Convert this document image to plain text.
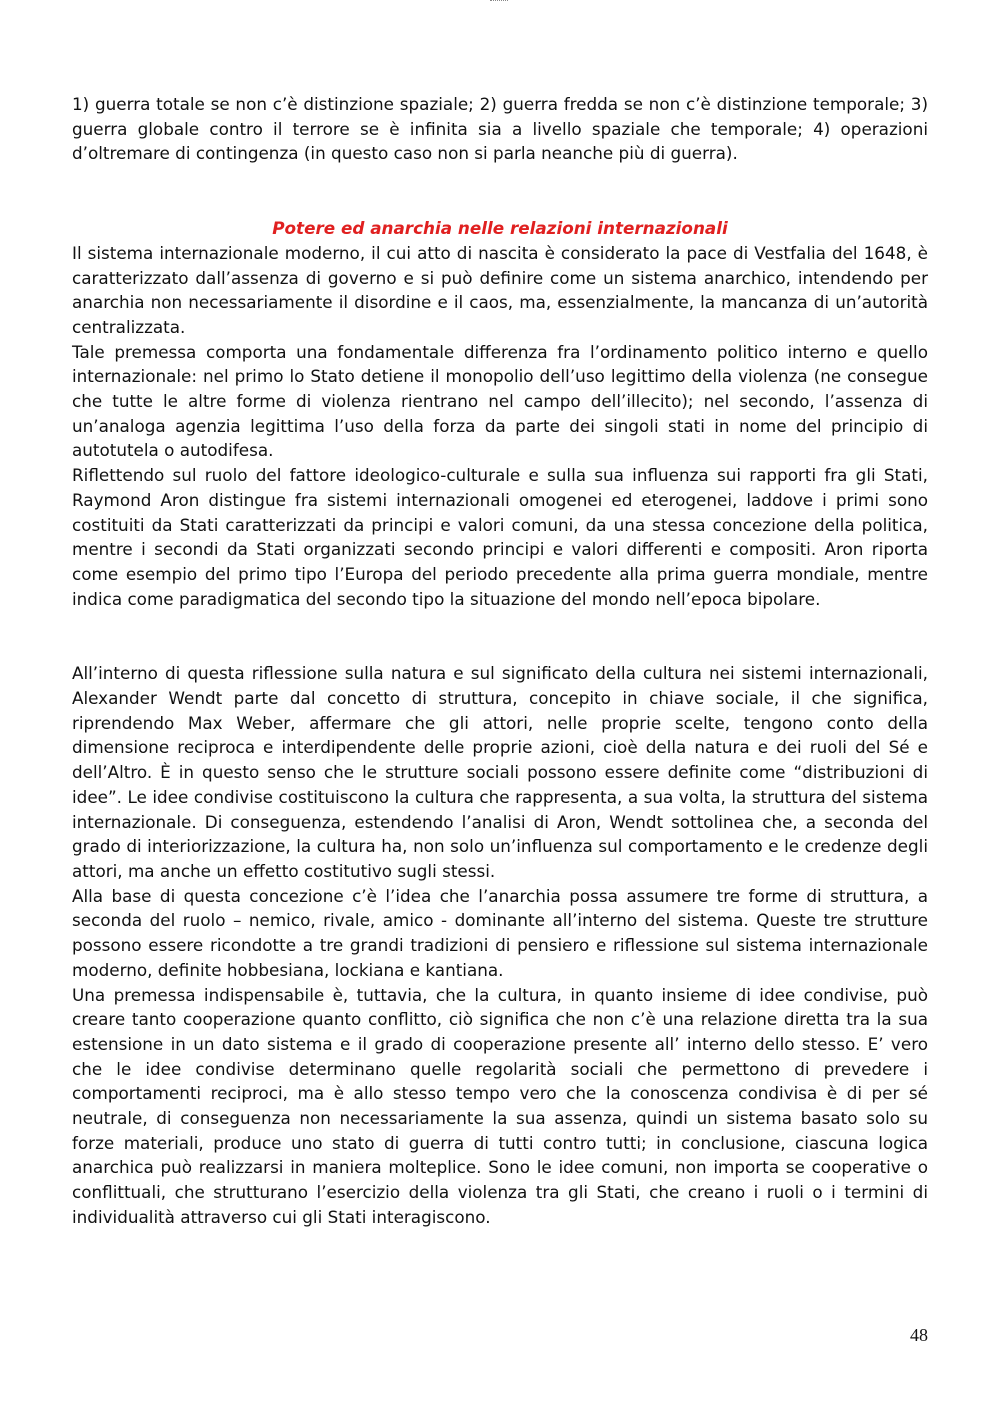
1) guerra totale se non c’è distinzione spaziale; 2) guerra fredda se non c’è distinzione temporale; 3) guerra globale contro il terrore se è infinita sia a livello spaziale che temporale; 4) operazioni d’oltremare di contingenza (in questo caso non si parla neanche più di guerra).

Potere ed anarchia nelle relazioni internazionali

Il sistema internazionale moderno, il cui atto di nascita è considerato la pace di Vestfalia del 1648, è caratterizzato dall’assenza di governo e si può definire come un sistema anarchico, intendendo per anarchia non necessariamente il disordine e il caos, ma, essenzialmente, la mancanza di un’autorità centralizzata.

Tale premessa comporta una fondamentale differenza fra l’ordinamento politico interno e quello internazionale: nel primo lo Stato detiene il monopolio dell’uso legittimo della violenza (ne consegue che tutte le altre forme di violenza rientrano nel campo dell’illecito); nel secondo, l’assenza di un’analoga agenzia legittima l’uso della forza da parte dei singoli stati in nome del principio di autotutela o autodifesa.

Riflettendo sul ruolo del fattore ideologico-culturale e sulla sua influenza sui rapporti fra gli Stati, Raymond Aron distingue fra sistemi internazionali omogenei ed eterogenei, laddove i primi sono costituiti da Stati caratterizzati da principi e valori comuni, da una stessa concezione della politica, mentre i secondi da Stati organizzati secondo principi e valori differenti e compositi. Aron riporta come esempio del primo tipo l’Europa del periodo precedente alla prima guerra mondiale, mentre indica come paradigmatica del secondo tipo la situazione del mondo nell’epoca bipolare.

All’interno di questa riflessione sulla natura e sul significato della cultura nei sistemi internazionali, Alexander Wendt parte dal concetto di struttura, concepito in chiave sociale, il che significa, riprendendo Max Weber, affermare che gli attori, nelle proprie scelte, tengono conto della dimensione reciproca e interdipendente delle proprie azioni, cioè della natura e dei ruoli del Sé e dell’Altro. È in questo senso che le strutture sociali possono essere definite come “distribuzioni di idee”. Le idee condivise costituiscono la cultura che rappresenta, a sua volta, la struttura del sistema internazionale. Di conseguenza, estendendo l’analisi di Aron, Wendt sottolinea che, a seconda del grado di interiorizzazione, la cultura ha, non solo un’influenza sul comportamento e le credenze degli attori, ma anche un effetto costitutivo sugli stessi.

Alla base di questa concezione c’è l’idea che l’anarchia possa assumere tre forme di struttura, a seconda del ruolo – nemico, rivale, amico - dominante all’interno del sistema. Queste tre strutture possono essere ricondotte a tre grandi tradizioni di pensiero e riflessione sul sistema internazionale moderno, definite hobbesiana, lockiana e kantiana.

Una premessa indispensabile è, tuttavia, che la cultura, in quanto insieme di idee condivise, può creare tanto cooperazione quanto conflitto, ciò significa che non c’è una relazione diretta tra la sua estensione in un dato sistema e il grado di cooperazione presente all’ interno dello stesso. E’ vero che le idee condivise determinano quelle regolarità sociali che permettono di prevedere i comportamenti reciproci, ma è allo stesso tempo vero che la conoscenza condivisa è di per sé neutrale, di conseguenza non necessariamente la sua assenza, quindi un sistema basato solo su forze materiali, produce uno stato di guerra di tutti contro tutti; in conclusione, ciascuna logica anarchica può realizzarsi in maniera molteplice. Sono le idee comuni, non importa se cooperative o conflittuali, che strutturano l’esercizio della violenza tra gli Stati, che creano i ruoli o i termini di individualità attraverso cui gli Stati interagiscono.

48
